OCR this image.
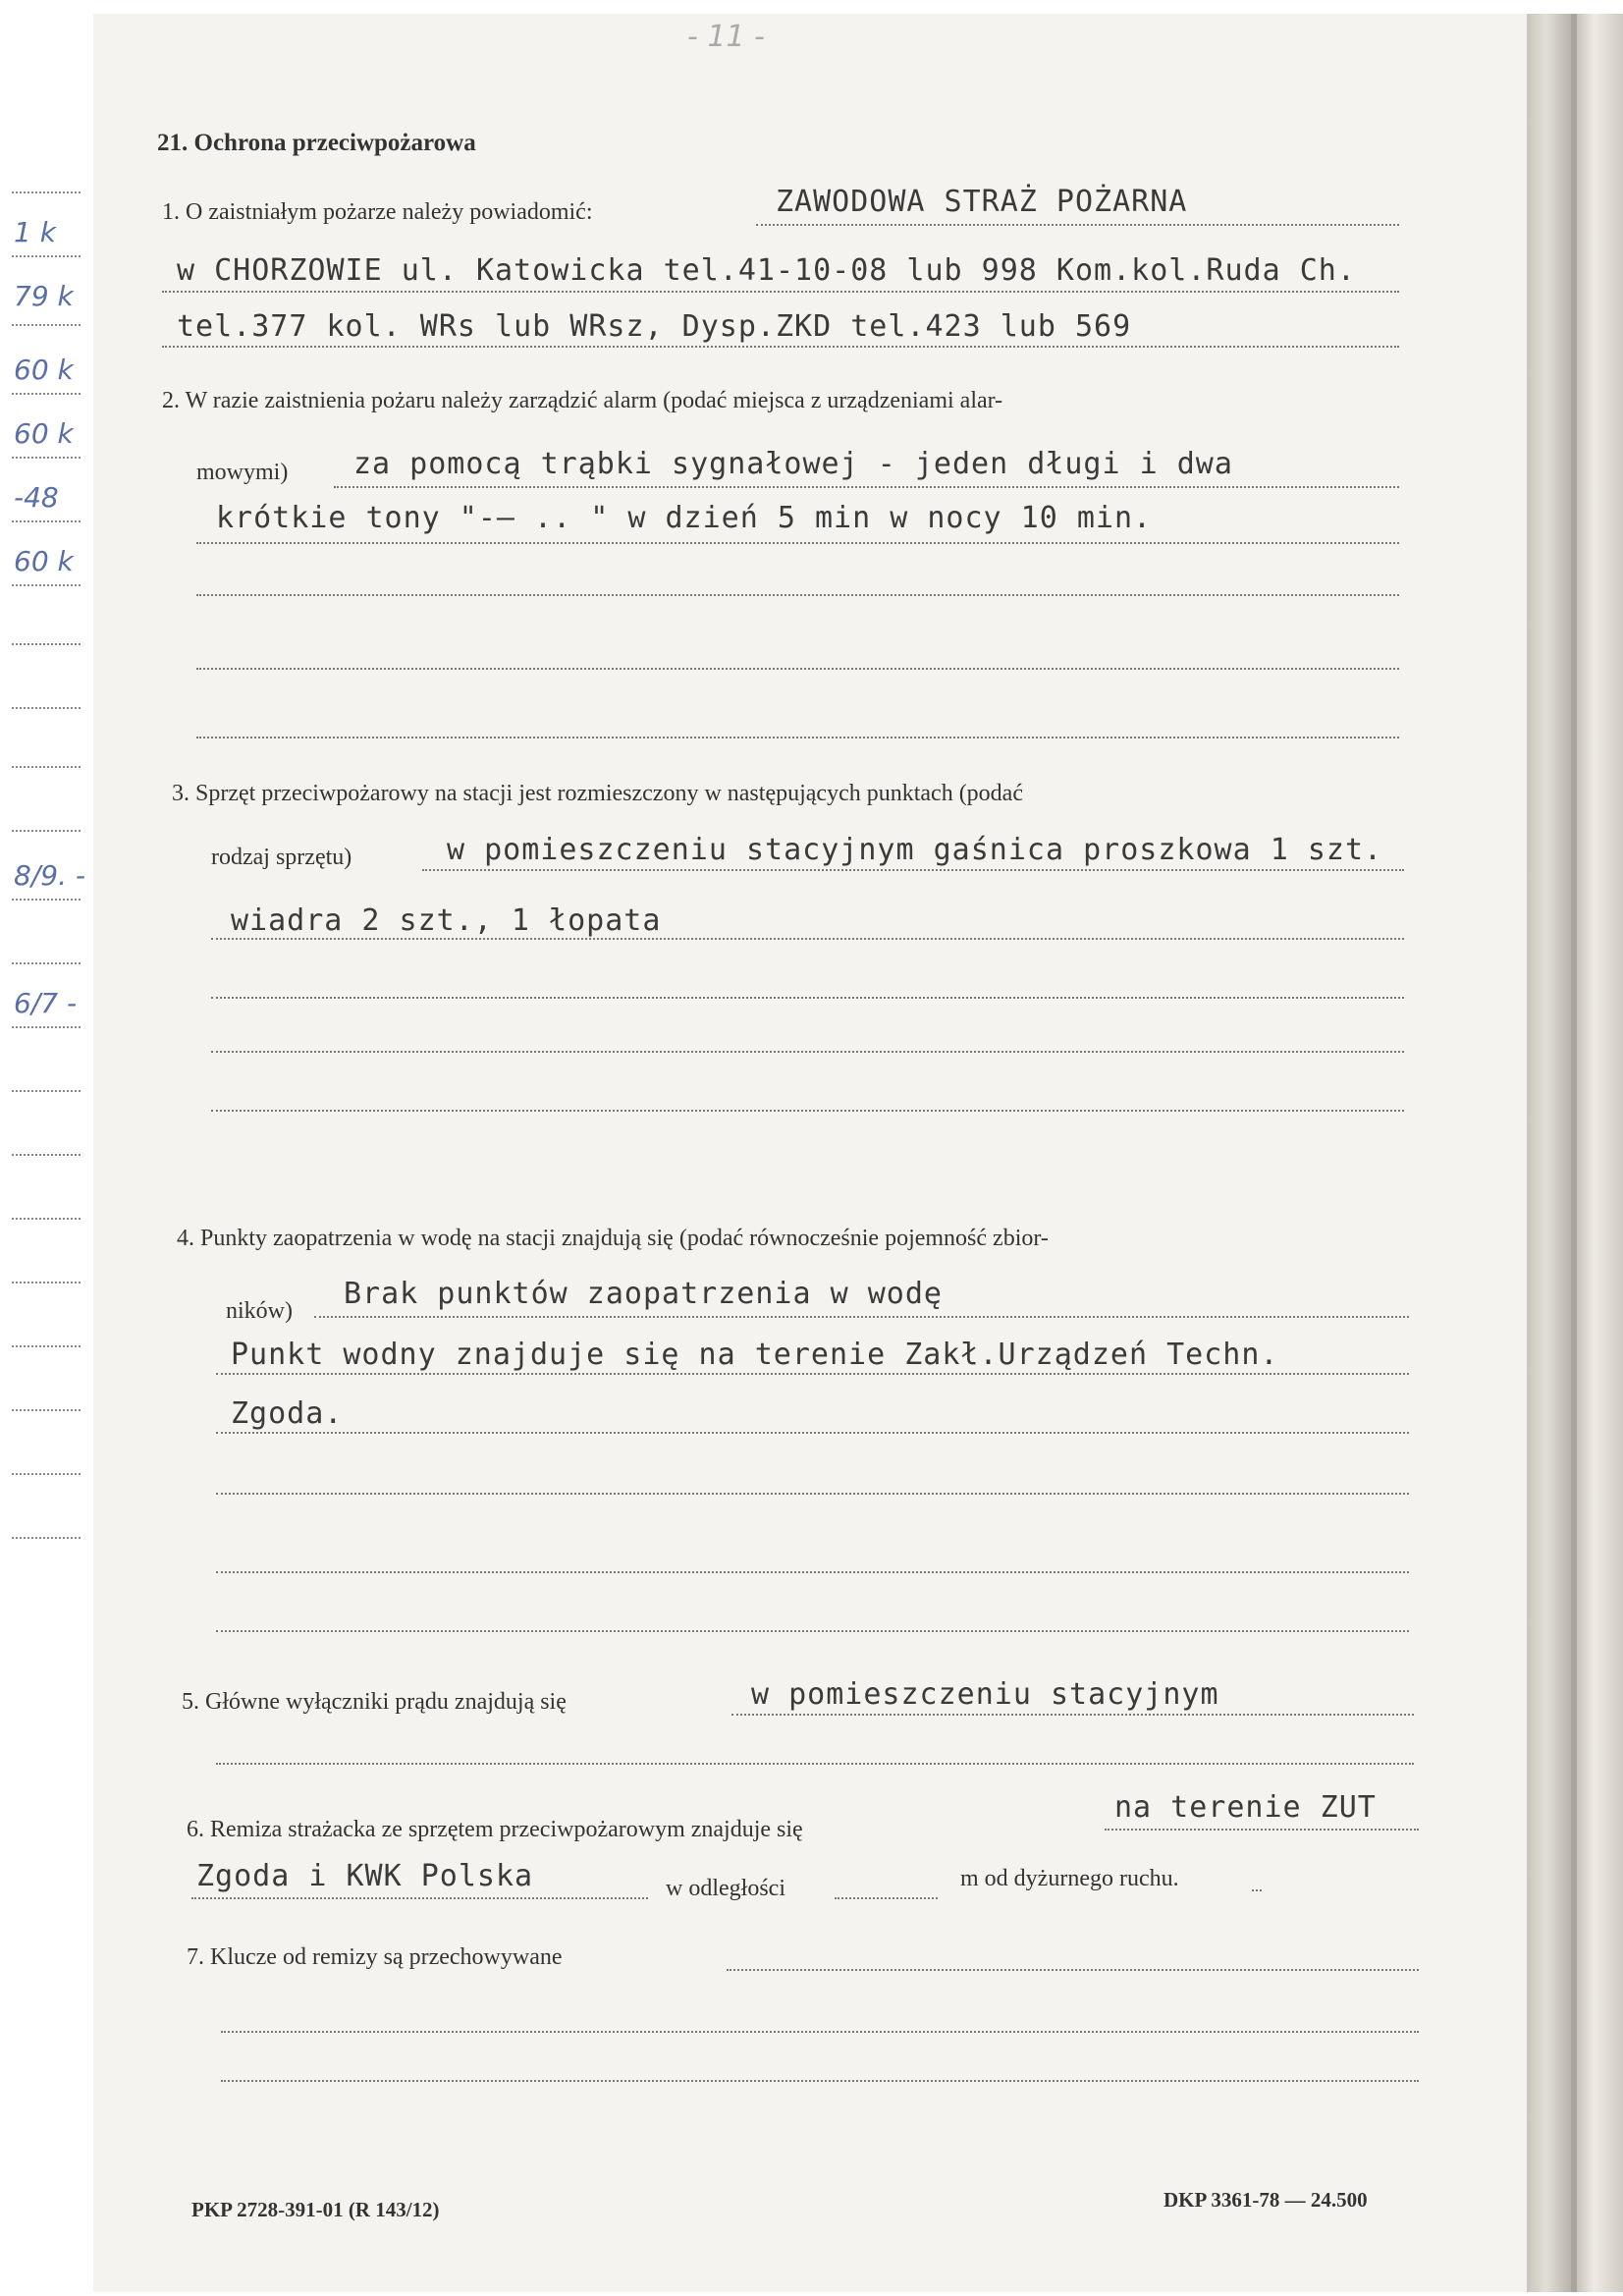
- 11 -
1 k
79 k
60 k
60 k
-48
60 k
8/9. -
6/7 -
21. Ochrona przeciwpożarowa
1. O zaistniałym pożarze należy powiadomić:	ZAWODOWA STRAŻ POŻARNA
w CHORZOWIE ul. Katowicka tel.41-10-08 lub 998 Kom.kol.Ruda Ch.
tel.377 kol. WRs lub WRsz, Dysp.ZKD tel.423 lub 569
2. W razie zaistnienia pożaru należy zarządzić alarm (podać miejsca z urządzeniami alar-
mowymi) za pomocą trąbki sygnałowej - jeden długi i dwa
krótkie tony "-— .. " w dzień 5 min w nocy 10 min.
3. Sprzęt przeciwpożarowy na stacji jest rozmieszczony w następujących punktach (podać
rodzaj sprzętu)	w pomieszczeniu stacyjnym gaśnica proszkowa 1 szt.
wiadra 2 szt., 1 łopata
4. Punkty zaopatrzenia w wodę na stacji znajdują się (podać równocześnie pojemność zbior-
ników) Brak punktów zaopatrzenia w wodę
Punkt wodny znajduje się na terenie Zakł.Urządzeń Techn.
Zgoda.
5. Główne wyłączniki prądu znajdują się	w pomieszczeniu stacyjnym
6. Remiza strażacka ze sprzętem przeciwpożarowym znajduje się
na terenie ZUT
Zgoda i KWK Polska	w odległości	m od dyżurnego ruchu.
7. Klucze od remizy są przechowywane
PKP 2728-391-01 (R 143/12)	DKP 3361-78 — 24.500
